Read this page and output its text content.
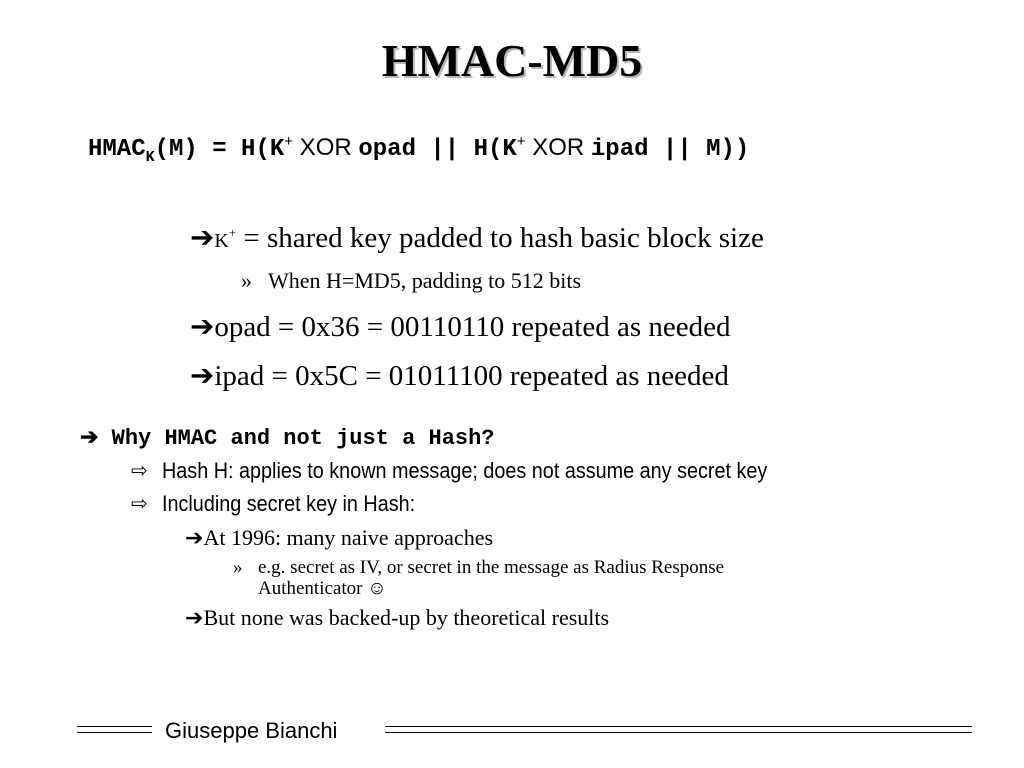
HMAC-MD5
$HMAC_K(M) = H(K^+$ XOR opad || H(K+ XOR ipad || M))
➔K+ = shared key padded to hash basic block size
» When H=MD5, padding to 512 bits
➔opad = 0x36 = 00110110 repeated as needed
➔ipad = 0x5C = 01011100 repeated as needed
➔ Why HMAC and not just a Hash?
⇨ Hash H: applies to known message; does not assume any secret key
⇨ Including secret key in Hash:
➔At 1996: many naive approaches
» e.g. secret as IV, or secret in the message as Radius Response
Authenticator ☺
➔But none was backed-up by theoretical results
Giuseppe Bianchi
